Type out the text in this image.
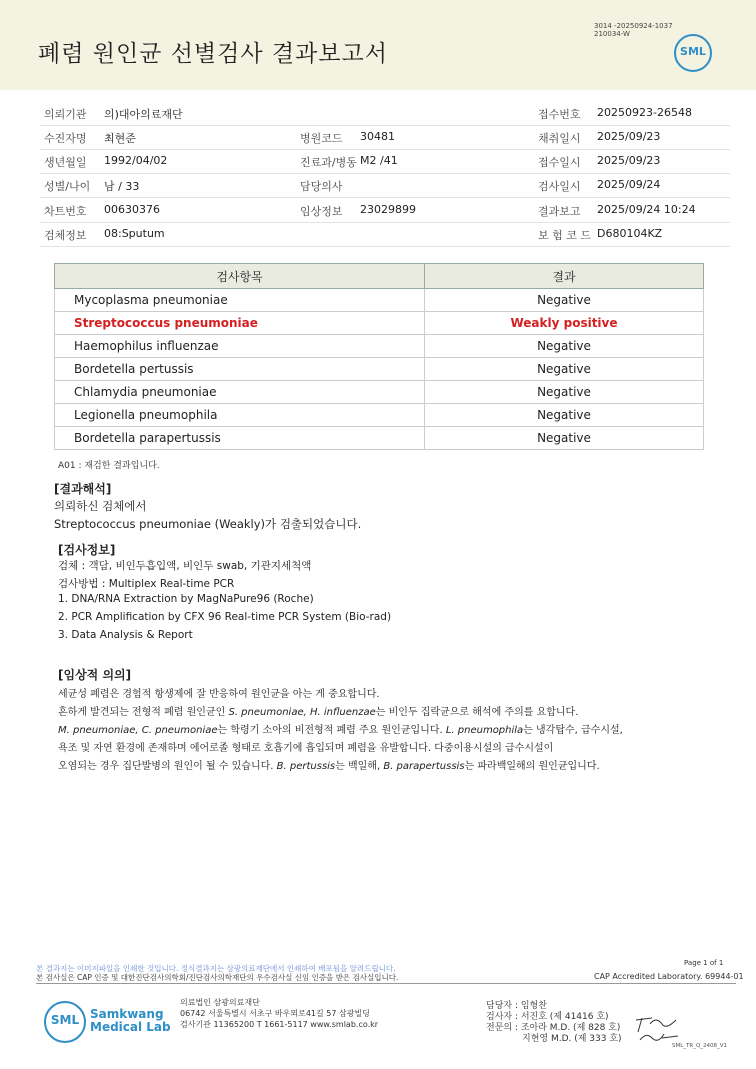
폐렴 원인균 선별검사 결과보고서
3014 -20250924-1037
210034-W
SML
의뢰기관 의)대아의료재단	접수번호 20250923-26548
수진자명 최현준	병원코드 30481	채취일시 2025/09/23
생년월일 1992/04/02	진료과/병동 M2 /41	접수일시 2025/09/23
성별/나이 남 / 33	담당의사	검사일시 2025/09/24
차트번호 00630376	임상정보 23029899	결과보고 2025/09/24 10:24
검체정보 08:Sputum	보 험 코 드 D680104KZ
검사항목	결과
Mycoplasma pneumoniae	Negative
Streptococcus pneumoniae	Weakly positive
Haemophilus influenzae	Negative
Bordetella pertussis	Negative
Chlamydia pneumoniae	Negative
Legionella pneumophila	Negative
Bordetella parapertussis	Negative
A01 : 재검한 결과입니다.
[결과해석]
의뢰하신 검체에서
Streptococcus pneumoniae (Weakly)가 검출되었습니다.
[검사정보]
검체 : 객담, 비인두흡입액, 비인두 swab, 기관지세척액
검사방법 : Multiplex Real-time PCR
1. DNA/RNA Extraction by MagNaPure96 (Roche)
2. PCR Amplification by CFX 96 Real-time PCR System (Bio-rad)
3. Data Analysis & Report
[임상적 의의]
세균성 폐렴은 경험적 항생제에 잘 반응하여 원인균을 아는 게 중요합니다.
흔하게 발견되는 전형적 폐렴 원인균인 S. pneumoniae, H. influenzae는 비인두 집락균으로 해석에 주의를 요합니다.
M. pneumoniae, C. pneumoniae는 학령기 소아의 비전형적 폐렴 주요 원인균입니다. L. pneumophila는 냉각탑수, 급수시설,
욕조 및 자연 환경에 존재하며 에어로졸 형태로 호흡기에 흡입되며 폐렴을 유발합니다. 다중이용시설의 급수시설이
오염되는 경우 집단발병의 원인이 될 수 있습니다. B. pertussis는 백일해, B. parapertussis는 파라백일해의 원인균입니다.
Page 1 of 1
본 결과지는 이미지파일을 인쇄한 것입니다. 정식결과지는 삼광의료재단에서 인쇄하여 배포됨을 알려드립니다.
본 검사실은 CAP 인증 및 대한진단검사의학회/진단검사의학재단의 우수검사실 신임 인증을 받은 검사실입니다.	CAP Accredited Laboratory. 69944-01
SML Samkwang
Medical Lab
의료법인 삼광의료재단
06742 서울특별시 서초구 바우뫼로41길 57 삼광빌딩
검사기관 11365200 T 1661-5117 www.smlab.co.kr
담당자 : 임형찬
검사자 : 서진호 (제 41416 호)
전문의 : 조아라 M.D. (제 828 호)
지현영 M.D. (제 333 호)
SML_TR_Q_2408_V1
